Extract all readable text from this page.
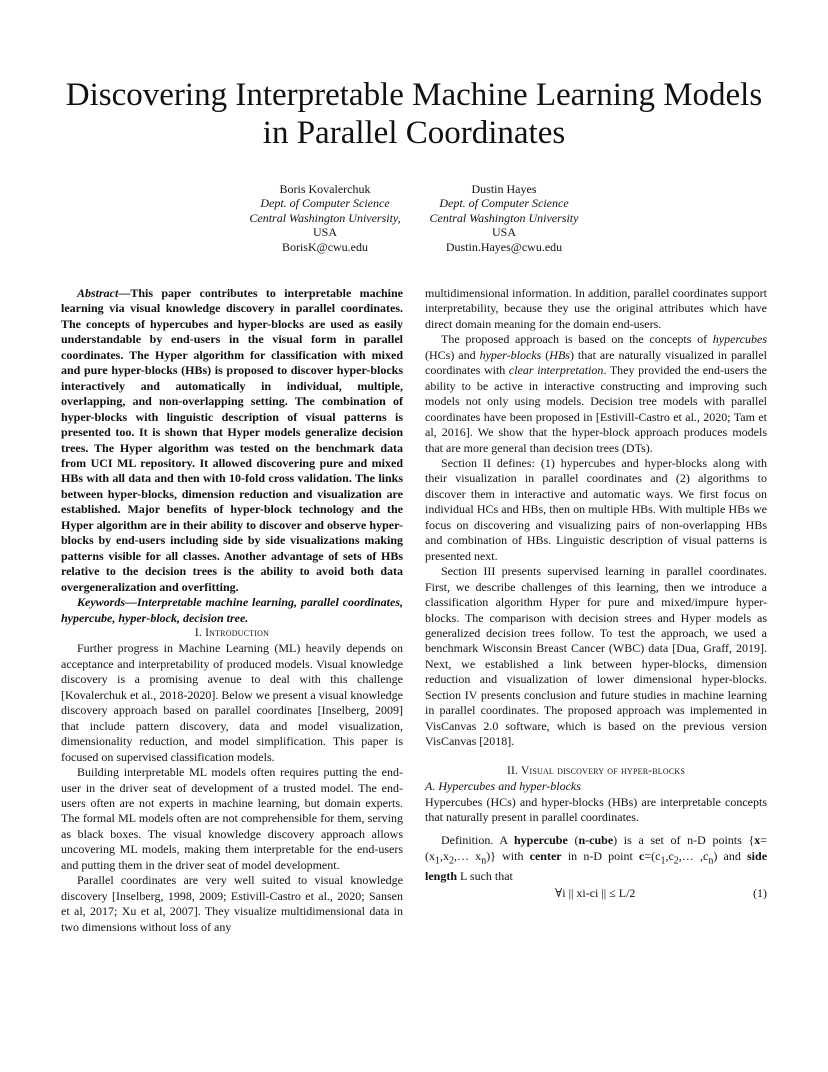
Discovering Interpretable Machine Learning Models
in Parallel Coordinates
Boris Kovalerchuk
Dept. of Computer Science
Central Washington University,
USA
BorisK@cwu.edu
Dustin Hayes
Dept. of Computer Science
Central Washington University
USA
Dustin.Hayes@cwu.edu

Abstract—This paper contributes to interpretable machine learning via visual knowledge discovery in parallel coordinates. The concepts of hypercubes and hyper-blocks are used as easily understandable by end-users in the visual form in parallel coordinates. The Hyper algorithm for classification with mixed and pure hyper-blocks (HBs) is proposed to discover hyper-blocks interactively and automatically in individual, multiple, overlapping, and non-overlapping setting. The combination of hyper-blocks with linguistic description of visual patterns is presented too. It is shown that Hyper models generalize decision trees. The Hyper algorithm was tested on the benchmark data from UCI ML repository. It allowed discovering pure and mixed HBs with all data and then with 10-fold cross validation. The links between hyper-blocks, dimension reduction and visualization are established. Major benefits of hyper-block technology and the Hyper algorithm are in their ability to discover and observe hyper-blocks by end-users including side by side visualizations making patterns visible for all classes. Another advantage of sets of HBs relative to the decision trees is the ability to avoid both data overgeneralization and overfitting.

Keywords—Interpretable machine learning, parallel coordinates, hypercube, hyper-block, decision tree.

I. Introduction

Further progress in Machine Learning (ML) heavily depends on acceptance and interpretability of produced models. Visual knowledge discovery is a promising avenue to deal with this challenge [Kovalerchuk et al., 2018-2020]. Below we present a visual knowledge discovery approach based on parallel coordinates [Inselberg, 2009] that include pattern discovery, data and model visualization, dimensionality reduction, and model simplification. This paper is focused on supervised classification models.

Building interpretable ML models often requires putting the end-user in the driver seat of development of a trusted model. The end-users often are not experts in machine learning, but domain experts. The formal ML models often are not comprehensible for them, serving as black boxes. The visual knowledge discovery approach allows uncovering ML models, making them interpretable for the end-users and putting them in the driver seat of model development.

Parallel coordinates are very well suited to visual knowledge discovery [Inselberg, 1998, 2009; Estivill-Castro et al., 2020; Sansen et al, 2017; Xu et al, 2007]. They visualize multidimensional data in two dimensions without loss of any

multidimensional information. In addition, parallel coordinates support interpretability, because they use the original attributes which have direct domain meaning for the domain end-users.

The proposed approach is based on the concepts of hypercubes (HCs) and hyper-blocks (HBs) that are naturally visualized in parallel coordinates with clear interpretation. They provided the end-users the ability to be active in interactive constructing and improving such models not only using models. Decision tree models with parallel coordinates have been proposed in [Estivill-Castro et al., 2020; Tam et al, 2016]. We show that the hyper-block approach produces models that are more general than decision trees (DTs).

Section II defines: (1) hypercubes and hyper-blocks along with their visualization in parallel coordinates and (2) algorithms to discover them in interactive and automatic ways. We first focus on individual HCs and HBs, then on multiple HBs. With multiple HBs we focus on discovering and visualizing pairs of non-overlapping HBs and combination of HBs. Linguistic description of visual patterns is presented next.

Section III presents supervised learning in parallel coordinates. First, we describe challenges of this learning, then we introduce a classification algorithm Hyper for pure and mixed/impure hyper-blocks. The comparison with decision strees and Hyper models as generalized decision trees follow. To test the approach, we used a benchmark Wisconsin Breast Cancer (WBC) data [Dua, Graff, 2019]. Next, we established a link between hyper-blocks, dimension reduction and visualization of lower dimensional hyper-blocks. Section IV presents conclusion and future studies in machine learning in parallel coordinates. The proposed approach was implemented in VisCanvas 2.0 software, which is based on the previous version VisCanvas [2018].

II. Visual discovery of hyper-blocks

A. Hypercubes and hyper-blocks

Hypercubes (HCs) and hyper-blocks (HBs) are interpretable concepts that naturally present in parallel coordinates.

Definition. A hypercube (n-cube) is a set of n-D points {$x=(x_1,x_2,\dots$ $x_n$)} with center in n-D point $c=(c_1,c_2,\dots$ $,c_n$) and side length L such that

∀i || xi-ci || ≤ L/2	(1)
